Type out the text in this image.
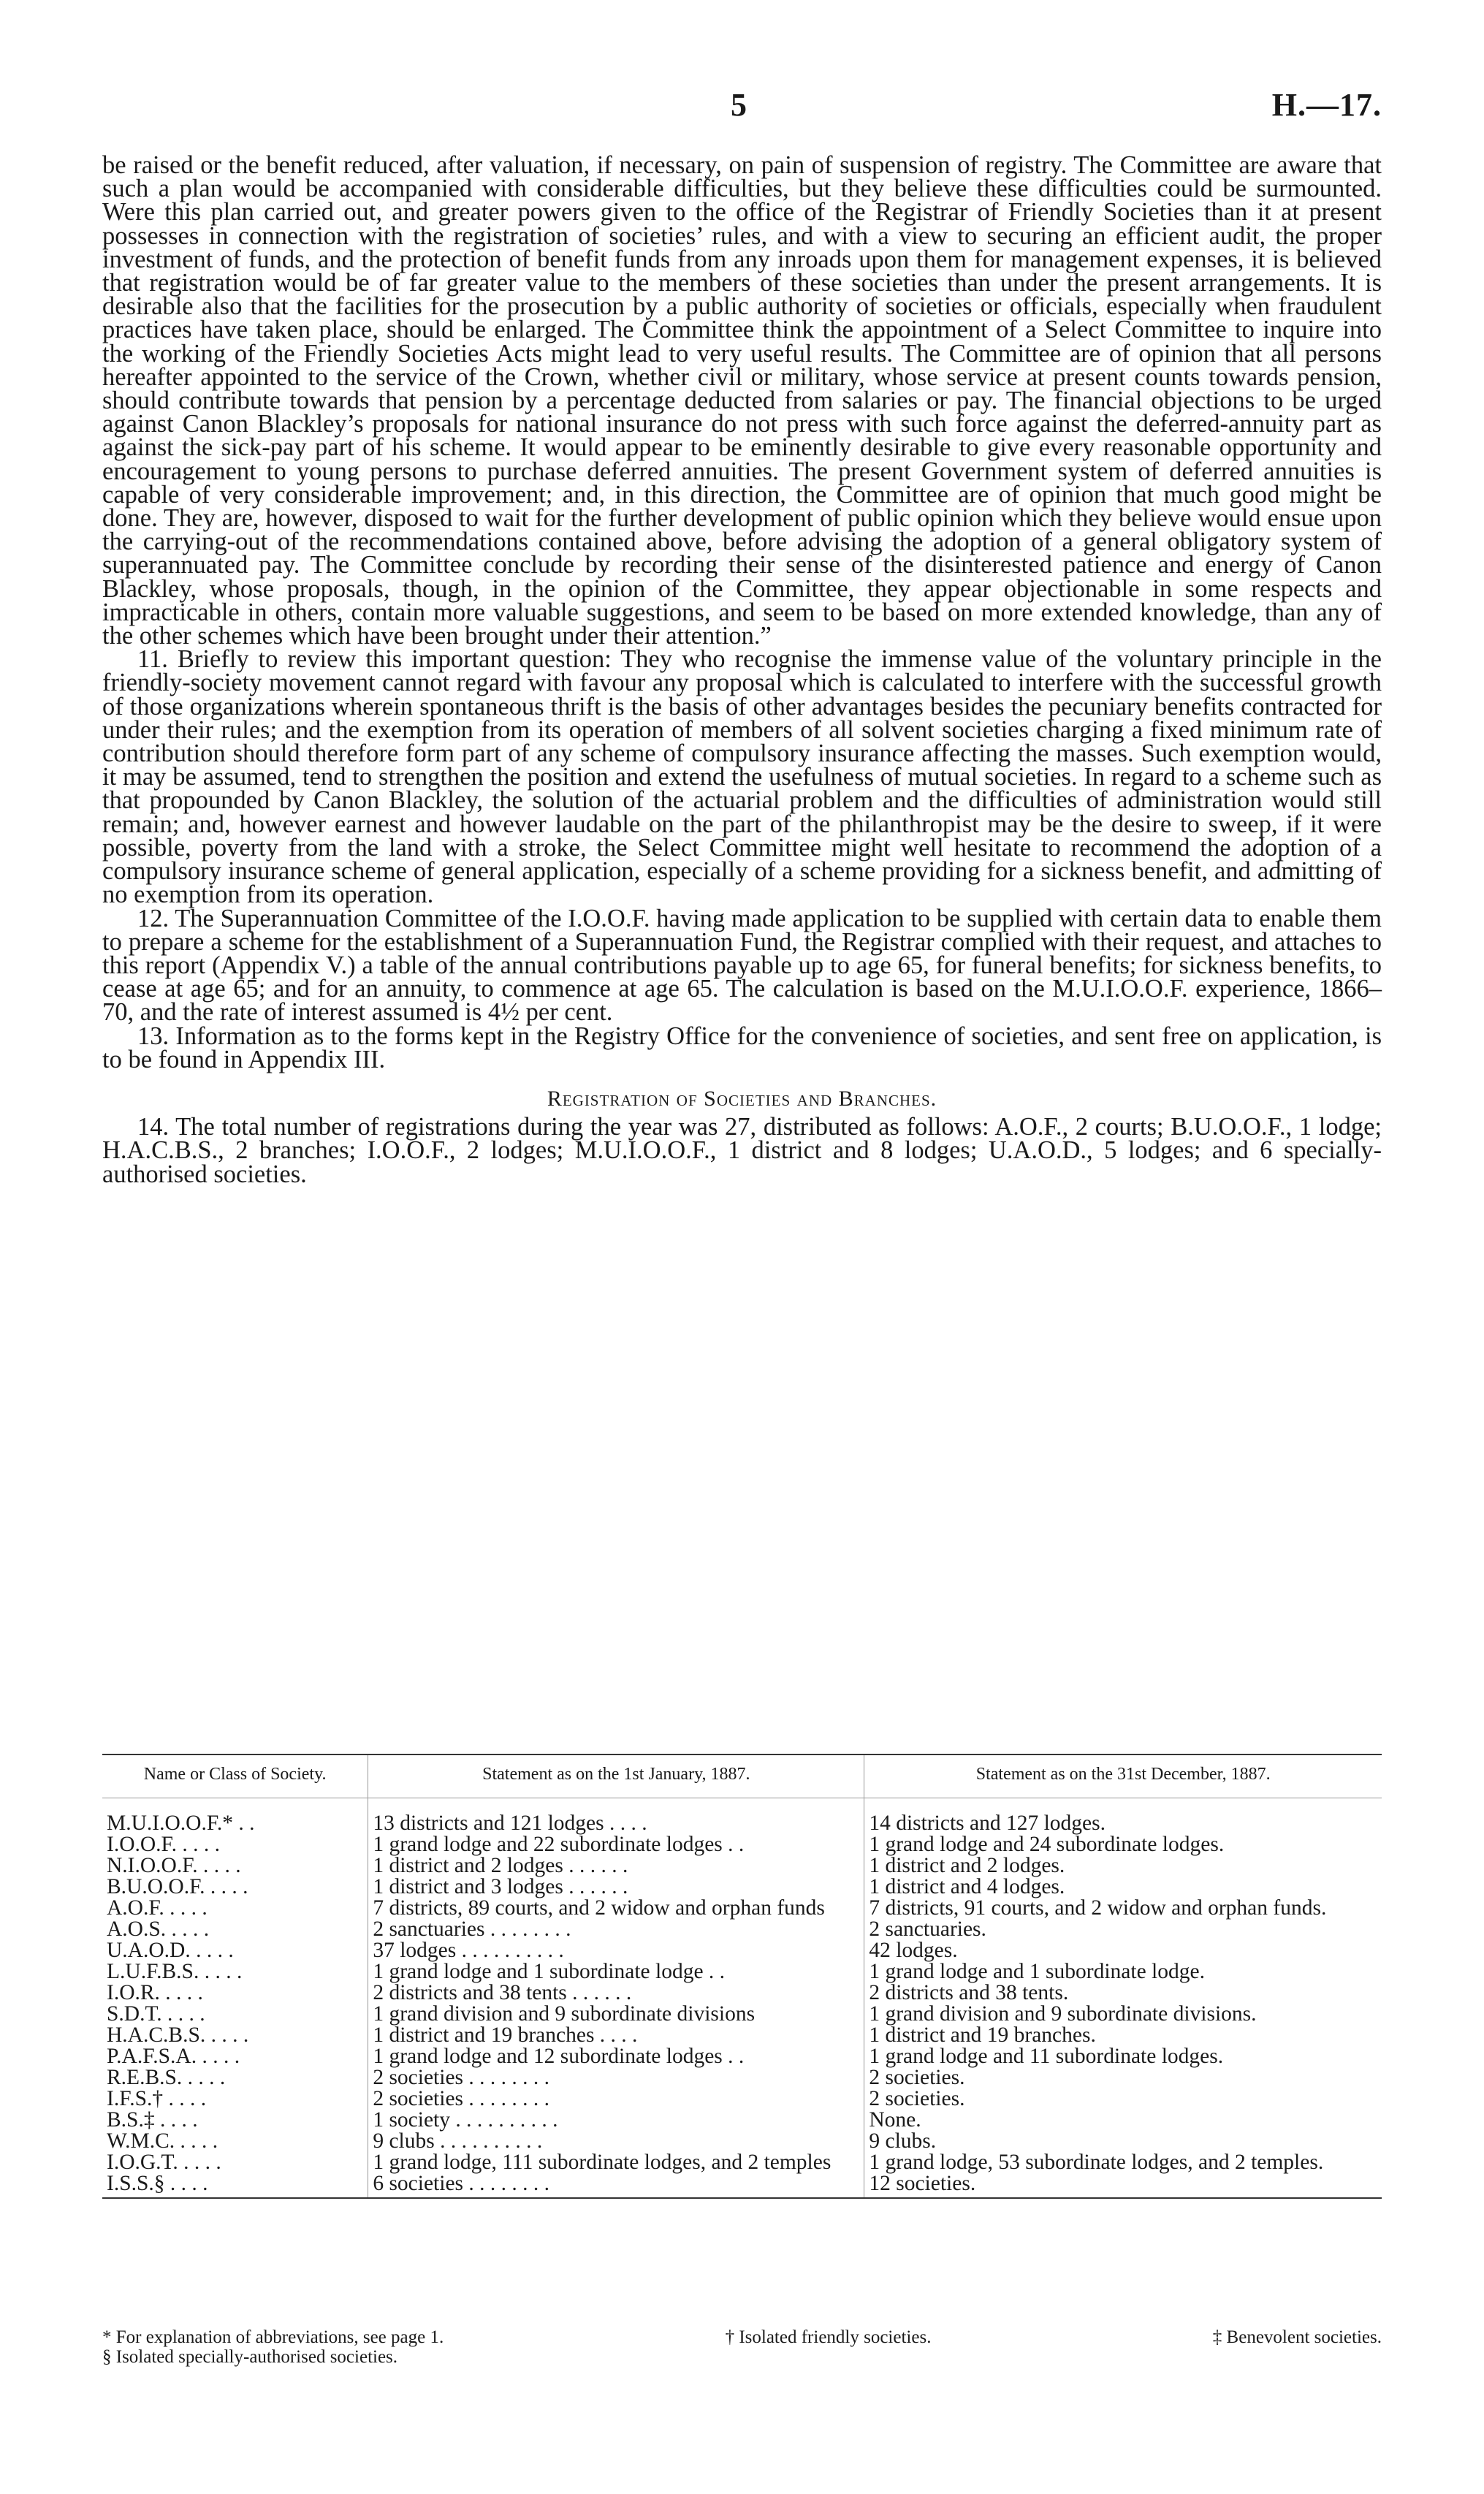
5	H.—17.

be raised or the benefit reduced, after valuation, if necessary, on pain of suspension of registry. The Committee are aware that such a plan would be accompanied with considerable difficulties, but they believe these difficulties could be surmounted. Were this plan carried out, and greater powers given to the office of the Registrar of Friendly Societies than it at present possesses in connection with the registration of societies’ rules, and with a view to securing an efficient audit, the proper investment of funds, and the protection of benefit funds from any inroads upon them for management expenses, it is believed that registration would be of far greater value to the members of these societies than under the present arrangements. It is desirable also that the facilities for the prosecution by a public authority of societies or officials, especially when fraudulent practices have taken place, should be enlarged. The Committee think the appointment of a Select Committee to inquire into the working of the Friendly Societies Acts might lead to very useful results. The Committee are of opinion that all persons hereafter appointed to the service of the Crown, whether civil or military, whose service at present counts towards pension, should contribute towards that pension by a percentage deducted from salaries or pay. The financial objections to be urged against Canon Blackley’s proposals for national insurance do not press with such force against the deferred-annuity part as against the sick-pay part of his scheme. It would appear to be eminently desirable to give every reasonable opportunity and encouragement to young persons to purchase deferred annuities. The present Government system of deferred annuities is capable of very considerable improvement; and, in this direction, the Committee are of opinion that much good might be done. They are, however, disposed to wait for the further development of public opinion which they believe would ensue upon the carrying-out of the recommendations contained above, before advising the adoption of a general obligatory system of superannuated pay. The Committee conclude by recording their sense of the disinterested patience and energy of Canon Blackley, whose proposals, though, in the opinion of the Committee, they appear objectionable in some respects and impracticable in others, contain more valuable suggestions, and seem to be based on more extended knowledge, than any of the other schemes which have been brought under their attention.”

11. Briefly to review this important question: They who recognise the immense value of the voluntary principle in the friendly-society movement cannot regard with favour any proposal which is calculated to interfere with the successful growth of those organizations wherein spontaneous thrift is the basis of other advantages besides the pecuniary benefits contracted for under their rules; and the exemption from its operation of members of all solvent societies charging a fixed minimum rate of contribution should therefore form part of any scheme of compulsory insurance affecting the masses. Such exemption would, it may be assumed, tend to strengthen the position and extend the usefulness of mutual societies. In regard to a scheme such as that propounded by Canon Blackley, the solution of the actuarial problem and the difficulties of administration would still remain; and, however earnest and however laudable on the part of the philanthropist may be the desire to sweep, if it were possible, poverty from the land with a stroke, the Select Committee might well hesitate to recommend the adoption of a compulsory insurance scheme of general application, especially of a scheme providing for a sickness benefit, and admitting of no exemption from its operation.

12. The Superannuation Committee of the I.O.O.F. having made application to be supplied with certain data to enable them to prepare a scheme for the establishment of a Superannuation Fund, the Registrar complied with their request, and attaches to this report (Appendix V.) a table of the annual contributions payable up to age 65, for funeral benefits; for sickness benefits, to cease at age 65; and for an annuity, to commence at age 65. The calculation is based on the M.U.I.O.O.F. experience, 1866–70, and the rate of interest assumed is 4½ per cent.

13. Information as to the forms kept in the Registry Office for the convenience of societies, and sent free on application, is to be found in Appendix III.

Registration of Societies and Branches.

14. The total number of registrations during the year was 27, distributed as follows: A.O.F., 2 courts; B.U.O.O.F., 1 lodge; H.A.C.B.S., 2 branches; I.O.O.F., 2 lodges; M.U.I.O.O.F., 1 district and 8 lodges; U.A.O.D., 5 lodges; and 6 specially-authorised societies.

Name or Class of Society.	Statement as on the 1st January, 1887.	Statement as on the 31st December, 1887.
M.U.I.O.O.F.* . .	13 districts and 121 lodges . . . .	14 districts and 127 lodges.
I.O.O.F. . . . .	1 grand lodge and 22 subordinate lodges . .	1 grand lodge and 24 subordinate lodges.
N.I.O.O.F. . . . .	1 district and 2 lodges . . . . . .	1 district and 2 lodges.
B.U.O.O.F. . . . .	1 district and 3 lodges . . . . . .	1 district and 4 lodges.
A.O.F. . . . .	7 districts, 89 courts, and 2 widow and orphan funds	7 districts, 91 courts, and 2 widow and orphan funds.
A.O.S. . . . .	2 sanctuaries . . . . . . . .	2 sanctuaries.
U.A.O.D. . . . .	37 lodges . . . . . . . . . .	42 lodges.
L.U.F.B.S. . . . .	1 grand lodge and 1 subordinate lodge . .	1 grand lodge and 1 subordinate lodge.
I.O.R. . . . .	2 districts and 38 tents . . . . . .	2 districts and 38 tents.
S.D.T. . . . .	1 grand division and 9 subordinate divisions	1 grand division and 9 subordinate divisions.
H.A.C.B.S. . . . .	1 district and 19 branches . . . .	1 district and 19 branches.
P.A.F.S.A. . . . .	1 grand lodge and 12 subordinate lodges . .	1 grand lodge and 11 subordinate lodges.
R.E.B.S. . . . .	2 societies . . . . . . . .	2 societies.
I.F.S.† . . . .	2 societies . . . . . . . .	2 societies.
B.S.‡ . . . .	1 society . . . . . . . . . .	None.
W.M.C. . . . .	9 clubs . . . . . . . . . .	9 clubs.
I.O.G.T. . . . .	1 grand lodge, 111 subordinate lodges, and 2 temples	1 grand lodge, 53 subordinate lodges, and 2 temples.
I.S.S.§ . . . .	6 societies . . . . . . . .	12 societies.
* For explanation of abbreviations, see page 1.	† Isolated friendly societies.	‡ Benevolent societies.
§ Isolated specially-authorised societies.
